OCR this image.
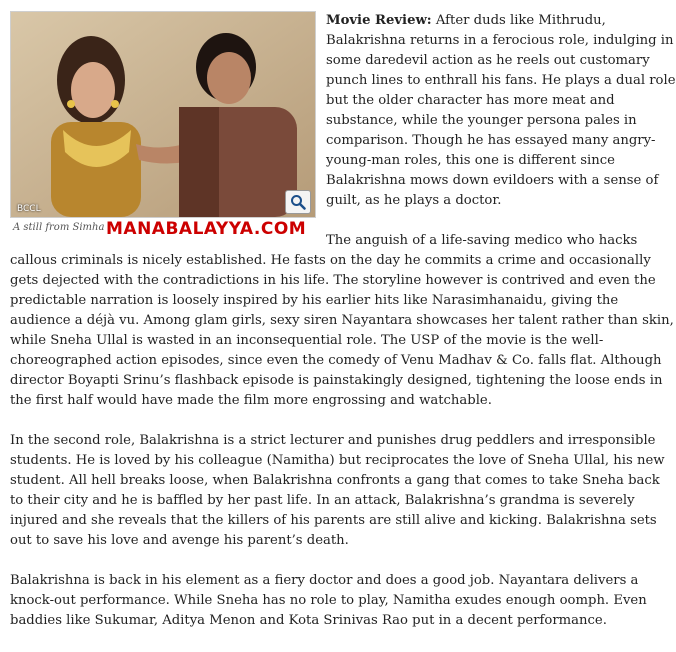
BCCL
A still from Simha MANABALAYYA.COM

Movie Review: After duds like Mithrudu, Balakrishna returns in a ferocious role, indulging in some daredevil action as he reels out customary punch lines to enthrall his fans. He plays a dual role but the older character has more meat and substance, while the younger persona pales in comparison. Though he has essayed many angry-young-man roles, this one is different since Balakrishna mows down evildoers with a sense of guilt, as he plays a doctor.

The anguish of a life-saving medico who hacks callous criminals is nicely established. He fasts on the day he commits a crime and occasionally gets dejected with the contradictions in his life. The storyline however is contrived and even the predictable narration is loosely inspired by his earlier hits like Narasimhanaidu, giving the audience a déjà vu. Among glam girls, sexy siren Nayantara showcases her talent rather than skin, while Sneha Ullal is wasted in an inconsequential role. The USP of the movie is the well-choreographed action episodes, since even the comedy of Venu Madhav & Co. falls flat. Although director Boyapti Srinu’s flashback episode is painstakingly designed, tightening the loose ends in the first half would have made the film more engrossing and watchable.

In the second role, Balakrishna is a strict lecturer and punishes drug peddlers and irresponsible students. He is loved by his colleague (Namitha) but reciprocates the love of Sneha Ullal, his new student. All hell breaks loose, when Balakrishna confronts a gang that comes to take Sneha back to their city and he is baffled by her past life. In an attack, Balakrishna’s grandma is severely injured and she reveals that the killers of his parents are still alive and kicking. Balakrishna sets out to save his love and avenge his parent’s death.

Balakrishna is back in his element as a fiery doctor and does a good job. Nayantara delivers a knock-out performance. While Sneha has no role to play, Namitha exudes enough oomph. Even baddies like Sukumar, Aditya Menon and Kota Srinivas Rao put in a decent performance.
